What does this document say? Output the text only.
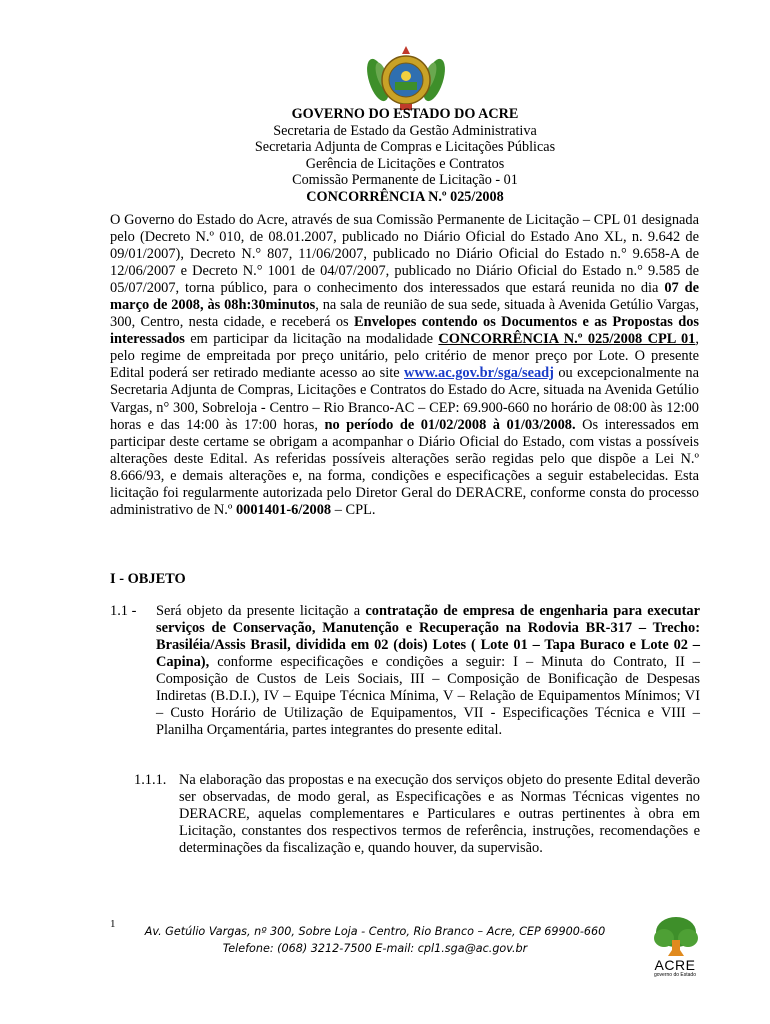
GOVERNO DO ESTADO DO ACRE
Secretaria de Estado da Gestão Administrativa
Secretaria Adjunta de Compras e Licitações Públicas
Gerência de Licitações e Contratos
Comissão Permanente de Licitação - 01
CONCORRÊNCIA N.º 025/2008
O Governo do Estado do Acre, através de sua Comissão Permanente de Licitação – CPL 01 designada pelo (Decreto N.º 010, de 08.01.2007, publicado no Diário Oficial do Estado Ano XL, n. 9.642 de 09/01/2007), Decreto N.° 807, 11/06/2007, publicado no Diário Oficial do Estado n.° 9.658-A de 12/06/2007 e Decreto N.° 1001 de 04/07/2007, publicado no Diário Oficial do Estado n.° 9.585 de 05/07/2007, torna público, para o conhecimento dos interessados que estará reunida no dia 07 de março de 2008, às 08h:30minutos, na sala de reunião de sua sede, situada à Avenida Getúlio Vargas, 300, Centro, nesta cidade, e receberá os Envelopes contendo os Documentos e as Propostas dos interessados em participar da licitação na modalidade CONCORRÊNCIA N.º 025/2008 CPL 01, pelo regime de empreitada por preço unitário, pelo critério de menor preço por Lote. O presente Edital poderá ser retirado mediante acesso ao site www.ac.gov.br/sga/seadj ou excepcionalmente na Secretaria Adjunta de Compras, Licitações e Contratos do Estado do Acre, situada na Avenida Getúlio Vargas, n° 300, Sobreloja - Centro – Rio Branco-AC – CEP: 69.900-660 no horário de 08:00 às 12:00 horas e das 14:00 às 17:00 horas, no período de 01/02/2008 à 01/03/2008. Os interessados em participar deste certame se obrigam a acompanhar o Diário Oficial do Estado, com vistas a possíveis alterações deste Edital. As referidas possíveis alterações serão regidas pelo que dispõe a Lei N.º 8.666/93, e demais alterações e, na forma, condições e especificações a seguir estabelecidas. Esta licitação foi regularmente autorizada pelo Diretor Geral do DERACRE, conforme consta do processo administrativo de N.º 0001401-6/2008 – CPL.
I - OBJETO
1.1 - Será objeto da presente licitação a contratação de empresa de engenharia para executar serviços de Conservação, Manutenção e Recuperação na Rodovia BR-317 – Trecho: Brasiléia/Assis Brasil, dividida em 02 (dois) Lotes ( Lote 01 – Tapa Buraco e Lote 02 – Capina), conforme especificações e condições a seguir: I – Minuta do Contrato, II – Composição de Custos de Leis Sociais, III – Composição de Bonificação de Despesas Indiretas (B.D.I.), IV – Equipe Técnica Mínima, V – Relação de Equipamentos Mínimos; VI – Custo Horário de Utilização de Equipamentos, VII - Especificações Técnica e VIII – Planilha Orçamentária, partes integrantes do presente edital.
1.1.1. Na elaboração das propostas e na execução dos serviços objeto do presente Edital deverão ser observadas, de modo geral, as Especificações e as Normas Técnicas vigentes no DERACRE, aquelas complementares e Particulares e outras pertinentes à obra em Licitação, constantes dos respectivos termos de referência, instruções, recomendações e determinações da fiscalização e, quando houver, da supervisão.
1
Av. Getúlio Vargas, nº 300, Sobre Loja - Centro, Rio Branco – Acre, CEP 69900-660
Telefone: (068) 3212-7500 E-mail: cpl1.sga@ac.gov.br
ACRE
governo do Estado
